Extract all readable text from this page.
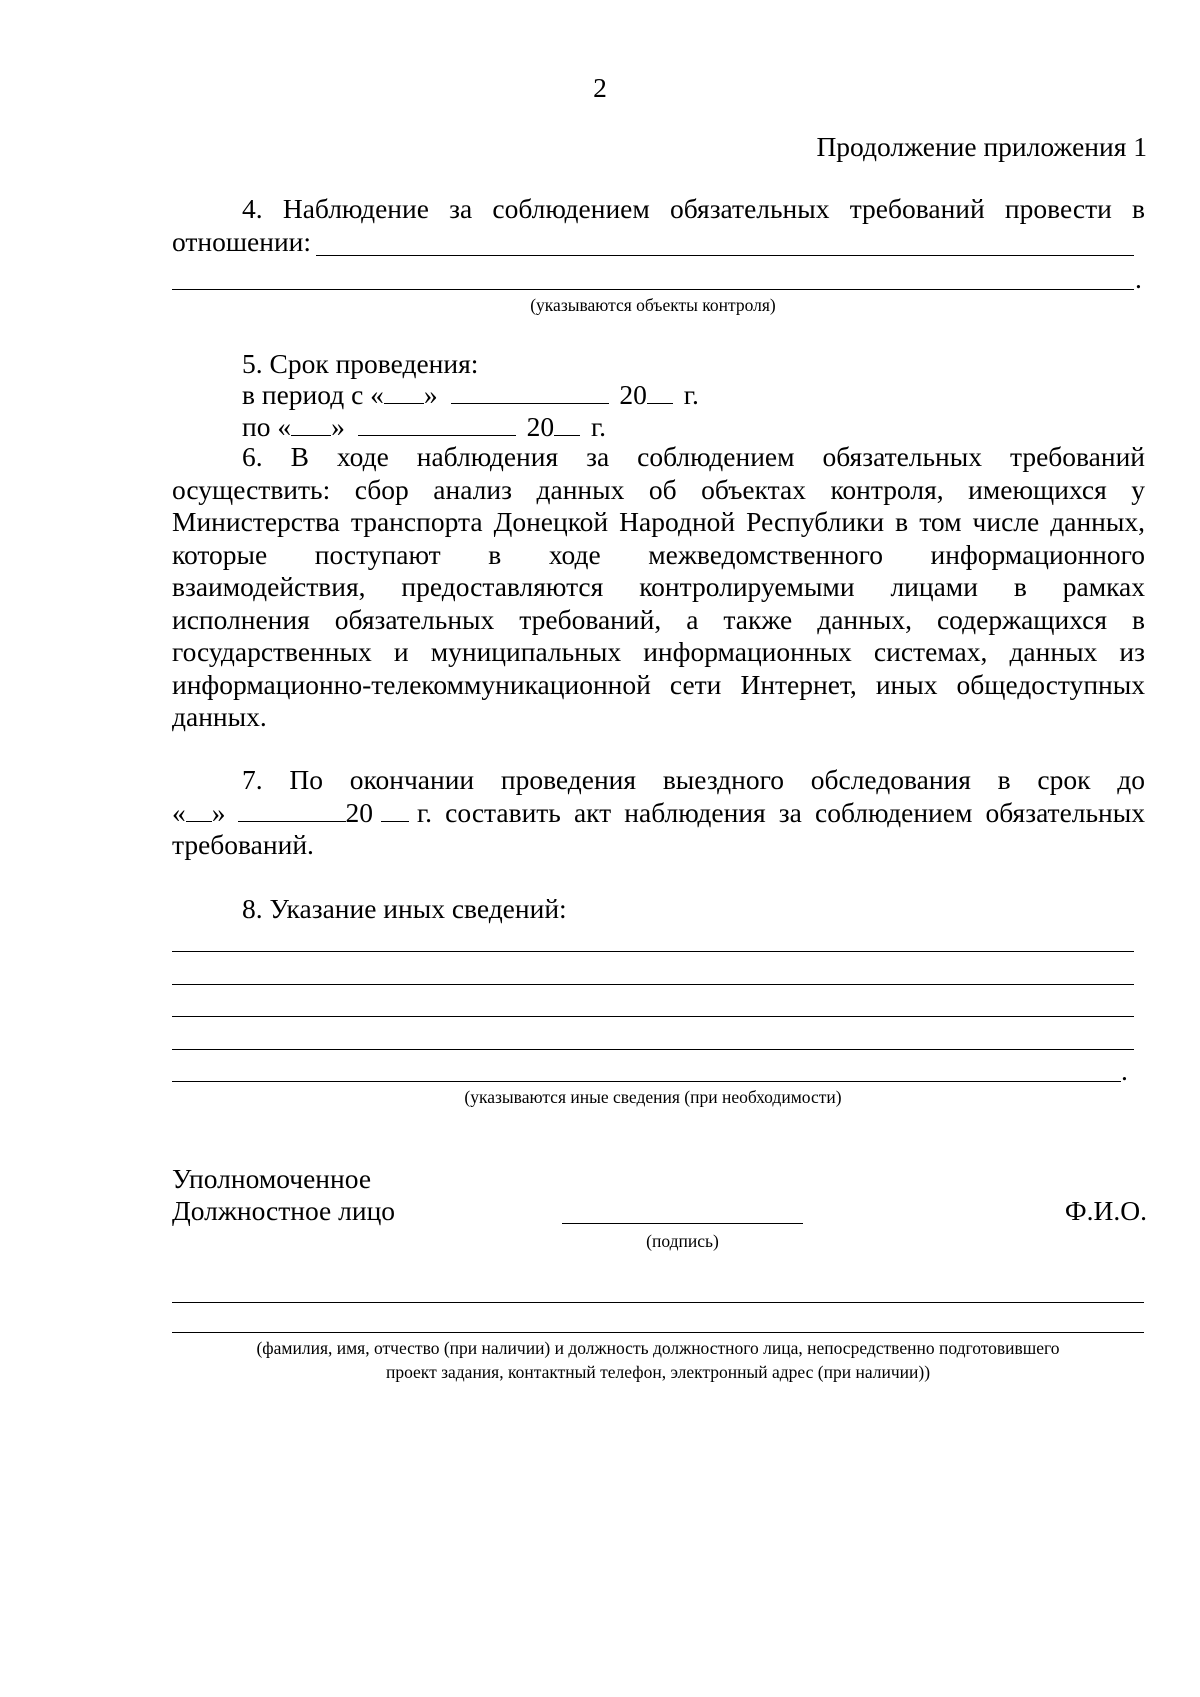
2
Продолжение приложения 1
4. Наблюдение за соблюдением обязательных требований провести в
отношении:
.
(указываются объекты контроля)
5. Срок проведения:
в период с « »	20 г.
по « »	20 г.
6. В ходе наблюдения за соблюдением обязательных требований
осуществить: сбор анализ данных об объектах контроля, имеющихся у
Министерства транспорта Донецкой Народной Республики в том числе данных,
которые поступают в ходе межведомственного информационного
взаимодействия, предоставляются контролируемыми лицами в рамках
исполнения обязательных требований, а также данных, содержащихся в
государственных и муниципальных информационных системах, данных из
информационно-телекоммуникационной сети Интернет, иных общедоступных
данных.
7. По окончании проведения выездного обследования в срок до
« »	20 г. составить акт наблюдения за соблюдением обязательных
требований.
8. Указание иных сведений:
.
(указываются иные сведения (при необходимости)
Уполномоченное
Должностное лицо
(подпись)
Ф.И.О.
(фамилия, имя, отчество (при наличии) и должность должностного лица, непосредственно подготовившего
проект задания, контактный телефон, электронный адрес (при наличии))
